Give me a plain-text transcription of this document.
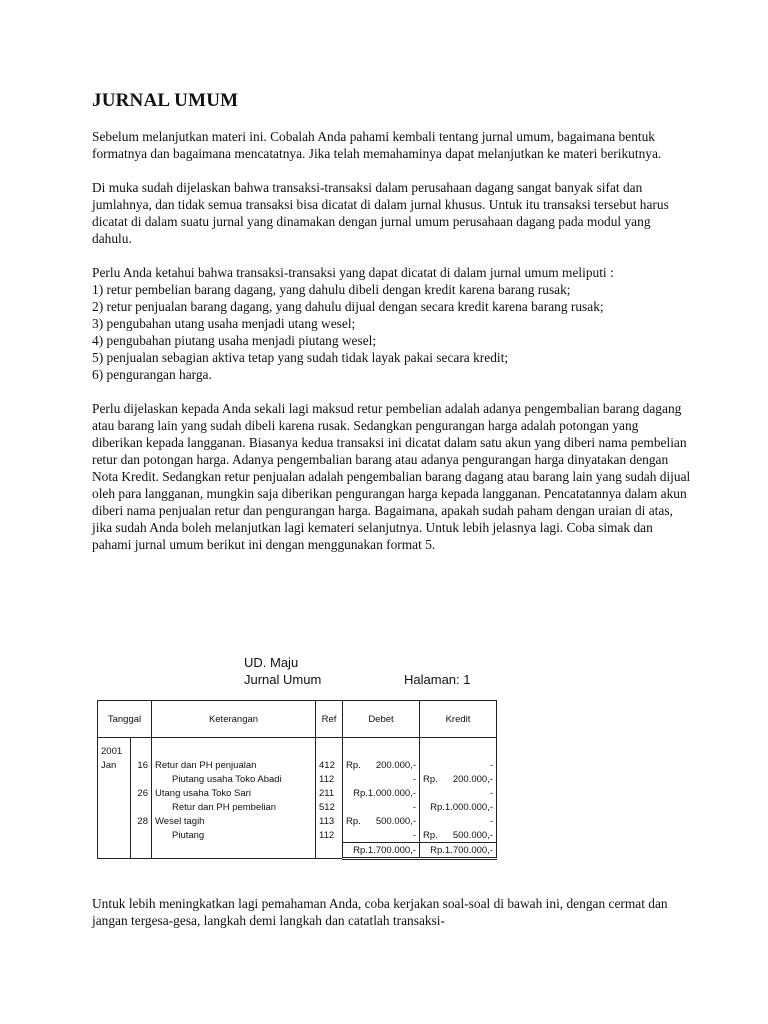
JURNAL UMUM

Sebelum melanjutkan materi ini. Cobalah Anda pahami kembali tentang jurnal umum, bagaimana bentuk formatnya dan bagaimana mencatatnya. Jika telah memahaminya dapat melanjutkan ke materi berikutnya.

Di muka sudah dijelaskan bahwa transaksi-transaksi dalam perusahaan dagang sangat banyak sifat dan jumlahnya, dan tidak semua transaksi bisa dicatat di dalam jurnal khusus. Untuk itu transaksi tersebut harus dicatat di dalam suatu jurnal yang dinamakan dengan jurnal umum perusahaan dagang pada modul yang dahulu.

Perlu Anda ketahui bahwa transaksi-transaksi yang dapat dicatat di dalam jurnal umum meliputi :

1) retur pembelian barang dagang, yang dahulu dibeli dengan kredit karena barang rusak;
2) retur penjualan barang dagang, yang dahulu dijual dengan secara kredit karena barang rusak;
3) pengubahan utang usaha menjadi utang wesel;
4) pengubahan piutang usaha menjadi piutang wesel;
5) penjualan sebagian aktiva tetap yang sudah tidak layak pakai secara kredit;
6) pengurangan harga.

Perlu dijelaskan kepada Anda sekali lagi maksud retur pembelian adalah adanya pengembalian barang dagang atau barang lain yang sudah dibeli karena rusak. Sedangkan pengurangan harga adalah potongan yang diberikan kepada langganan. Biasanya kedua transaksi ini dicatat dalam satu akun yang diberi nama pembelian retur dan potongan harga. Adanya pengembalian barang atau adanya pengurangan harga dinyatakan dengan Nota Kredit. Sedangkan retur penjualan adalah pengembalian barang dagang atau barang lain yang sudah dijual oleh para langganan, mungkin saja diberikan pengurangan harga kepada langganan. Pencatatannya dalam akun diberi nama penjualan retur dan pengurangan harga. Bagaimana, apakah sudah paham dengan uraian di atas, jika sudah Anda boleh melanjutkan lagi kemateri selanjutnya. Untuk lebih jelasnya lagi. Coba simak dan pahami jurnal umum berikut ini dengan menggunakan format 5.

UD. Maju
Jurnal Umum	Halaman: 1
Tanggal		Keterangan	Ref	Debet	Kredit
2001					
Jan	16	Retur dan PH penjualan	412	Rp. 200.000,-	-
		Piutang usaha Toko Abadi	112	-	Rp. 200.000,-
	26	Utang usaha Toko Sari	211	Rp.1.000.000,-	-
		Retur dan PH pembelian	512	-	Rp.1.000.000,-
	28	Wesel tagih	113	Rp. 500.000,-	-
		Piutang	112	-	Rp. 500.000,-
				Rp.1.700.000,-	Rp.1.700.000,-

Untuk lebih meningkatkan lagi pemahaman Anda, coba kerjakan soal-soal di bawah ini, dengan cermat dan jangan tergesa-gesa, langkah demi langkah dan catatlah transaksi-
